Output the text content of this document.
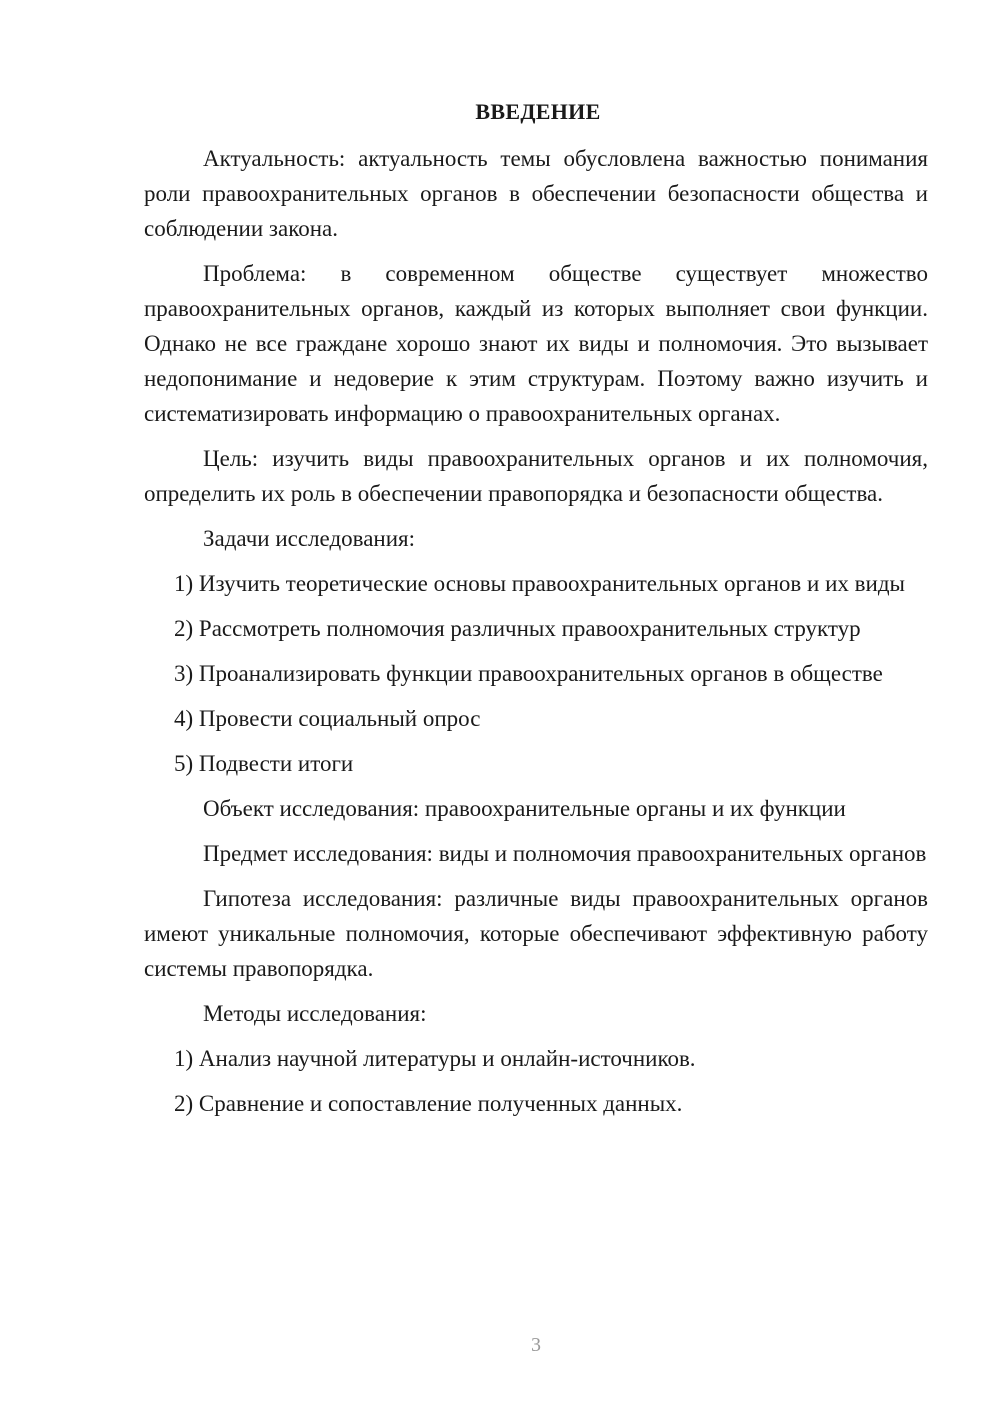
ВВЕДЕНИЕ

Актуальность: актуальность темы обусловлена важностью понимания роли правоохранительных органов в обеспечении безопасности общества и соблюдении закона.

Проблема: в современном обществе существует множество правоохранительных органов, каждый из которых выполняет свои функции. Однако не все граждане хорошо знают их виды и полномочия. Это вызывает недопонимание и недоверие к этим структурам. Поэтому важно изучить и систематизировать информацию о правоохранительных органах.

Цель: изучить виды правоохранительных органов и их полномочия, определить их роль в обеспечении правопорядка и безопасности общества.

Задачи исследования:

1) Изучить теоретические основы правоохранительных органов и их виды

2) Рассмотреть полномочия различных правоохранительных структур

3) Проанализировать функции правоохранительных органов в обществе

4) Провести социальный опрос

5) Подвести итоги

Объект исследования: правоохранительные органы и их функции

Предмет исследования: виды и полномочия правоохранительных органов

Гипотеза исследования: различные виды правоохранительных органов имеют уникальные полномочия, которые обеспечивают эффективную работу системы правопорядка.

Методы исследования:

1) Анализ научной литературы и онлайн-источников.

2) Сравнение и сопоставление полученных данных.

3
